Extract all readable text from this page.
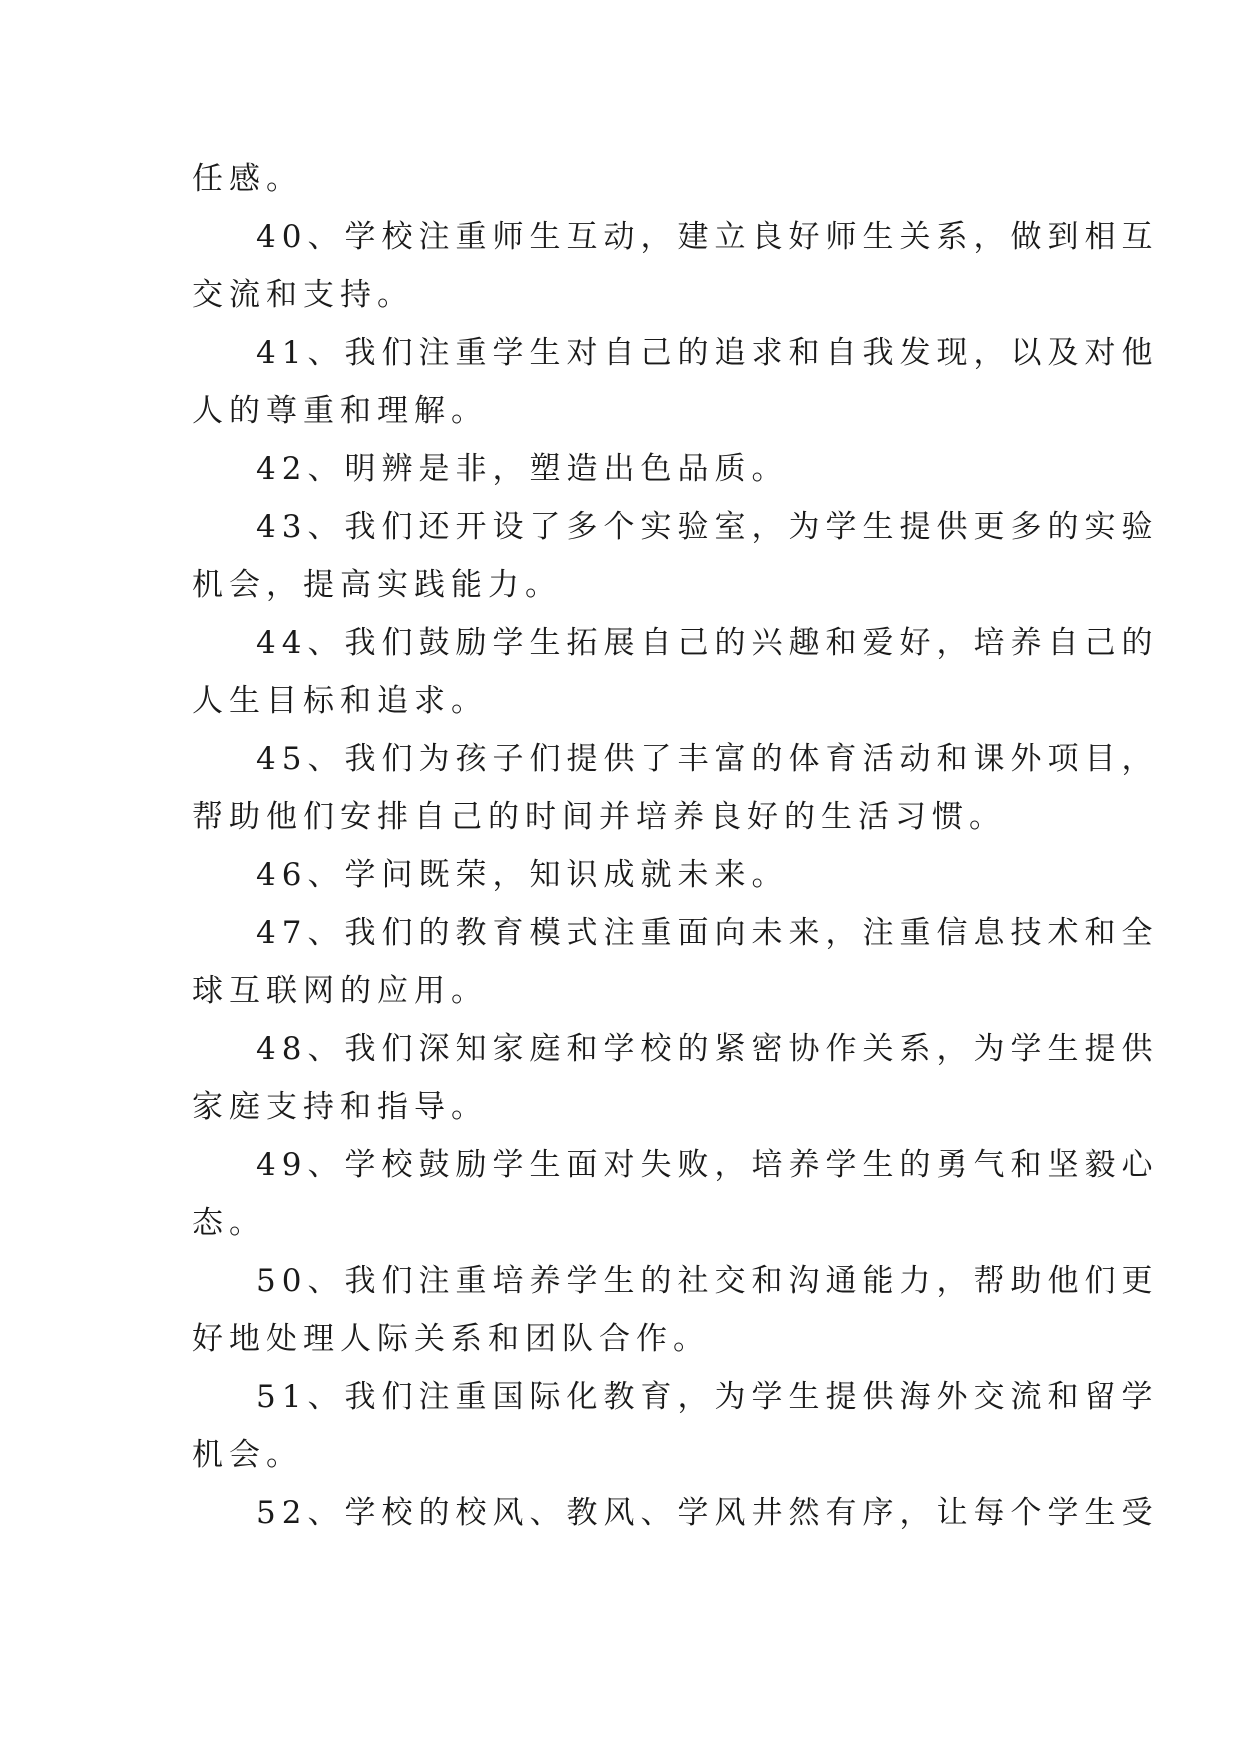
任感。

40、学校注重师生互动，建立良好师生关系，做到相互

交流和支持。

41、我们注重学生对自己的追求和自我发现，以及对他

人的尊重和理解。

42、明辨是非，塑造出色品质。

43、我们还开设了多个实验室，为学生提供更多的实验

机会，提高实践能力。

44、我们鼓励学生拓展自己的兴趣和爱好，培养自己的

人生目标和追求。

45、我们为孩子们提供了丰富的体育活动和课外项目，

帮助他们安排自己的时间并培养良好的生活习惯。

46、学问既荣，知识成就未来。

47、我们的教育模式注重面向未来，注重信息技术和全

球互联网的应用。

48、我们深知家庭和学校的紧密协作关系，为学生提供

家庭支持和指导。

49、学校鼓励学生面对失败，培养学生的勇气和坚毅心

态。

50、我们注重培养学生的社交和沟通能力，帮助他们更

好地处理人际关系和团队合作。

51、我们注重国际化教育，为学生提供海外交流和留学

机会。

52、学校的校风、教风、学风井然有序，让每个学生受
